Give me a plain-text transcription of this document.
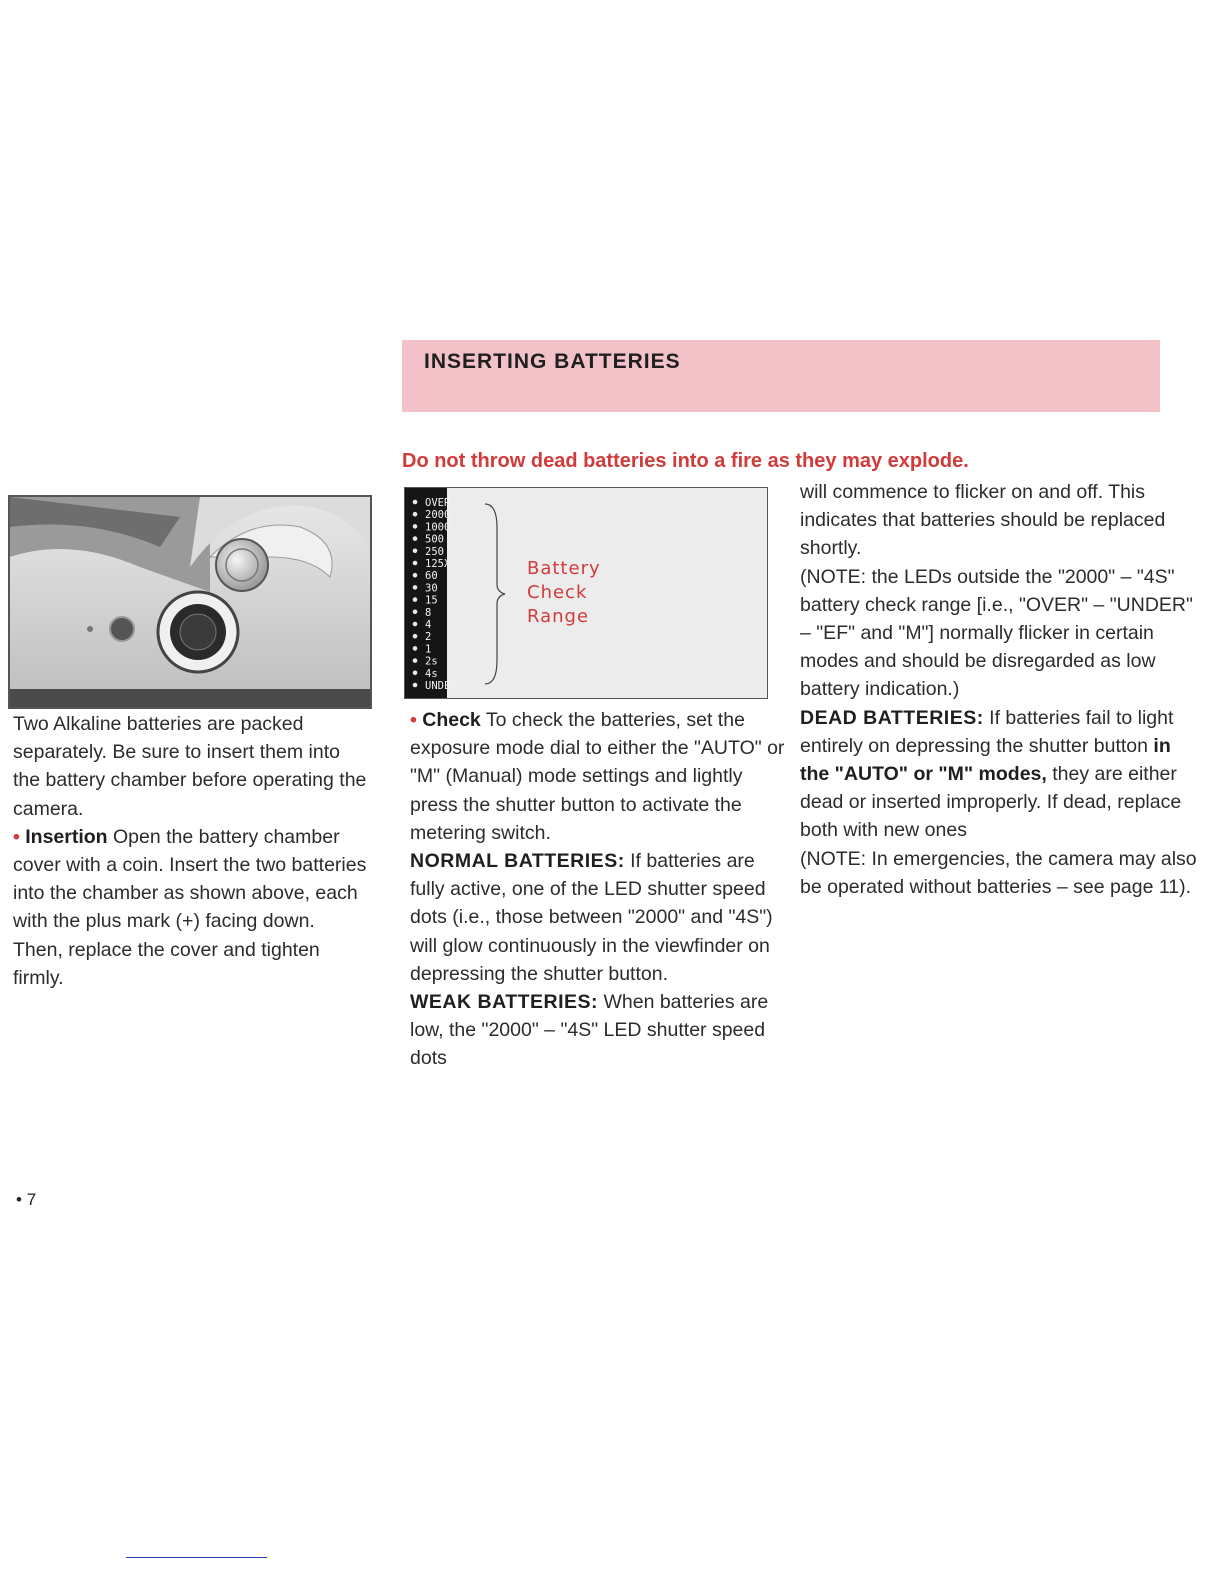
INSERTING BATTERIES
Do not throw dead batteries into a fire as they may explode.
Battery
Check
Range
OVER
2000
1000
500
250
125X
60
30
15
8
4
2
1
2s
4s
UNDER

Two Alkaline batteries are packed separately. Be sure to insert them into the battery chamber before operating the camera.

• Insertion Open the battery chamber cover with a coin. Insert the two batteries into the chamber as shown above, each with the plus mark (+) facing down. Then, replace the cover and tighten firmly.

• Check To check the batteries, set the exposure mode dial to either the "AUTO" or "M" (Manual) mode settings and lightly press the shutter button to activate the metering switch.

NORMAL BATTERIES: If batteries are fully active, one of the LED shutter speed dots (i.e., those between "2000" and "4S") will glow continuously in the viewfinder on depressing the shutter button.

WEAK BATTERIES: When batteries are low, the "2000" – "4S" LED shutter speed dots

will commence to flicker on and off. This indicates that batteries should be replaced shortly.

(NOTE: the LEDs outside the "2000" – "4S" battery check range [i.e., "OVER" – "UNDER" – "EF" and "M"] normally flicker in certain modes and should be disregarded as low battery indication.)

DEAD BATTERIES: If batteries fail to light entirely on depressing the shutter button in the "AUTO" or "M" modes, they are either dead or inserted improperly. If dead, replace both with new ones

(NOTE: In emergencies, the camera may also be operated without batteries – see page 11).

• 7
